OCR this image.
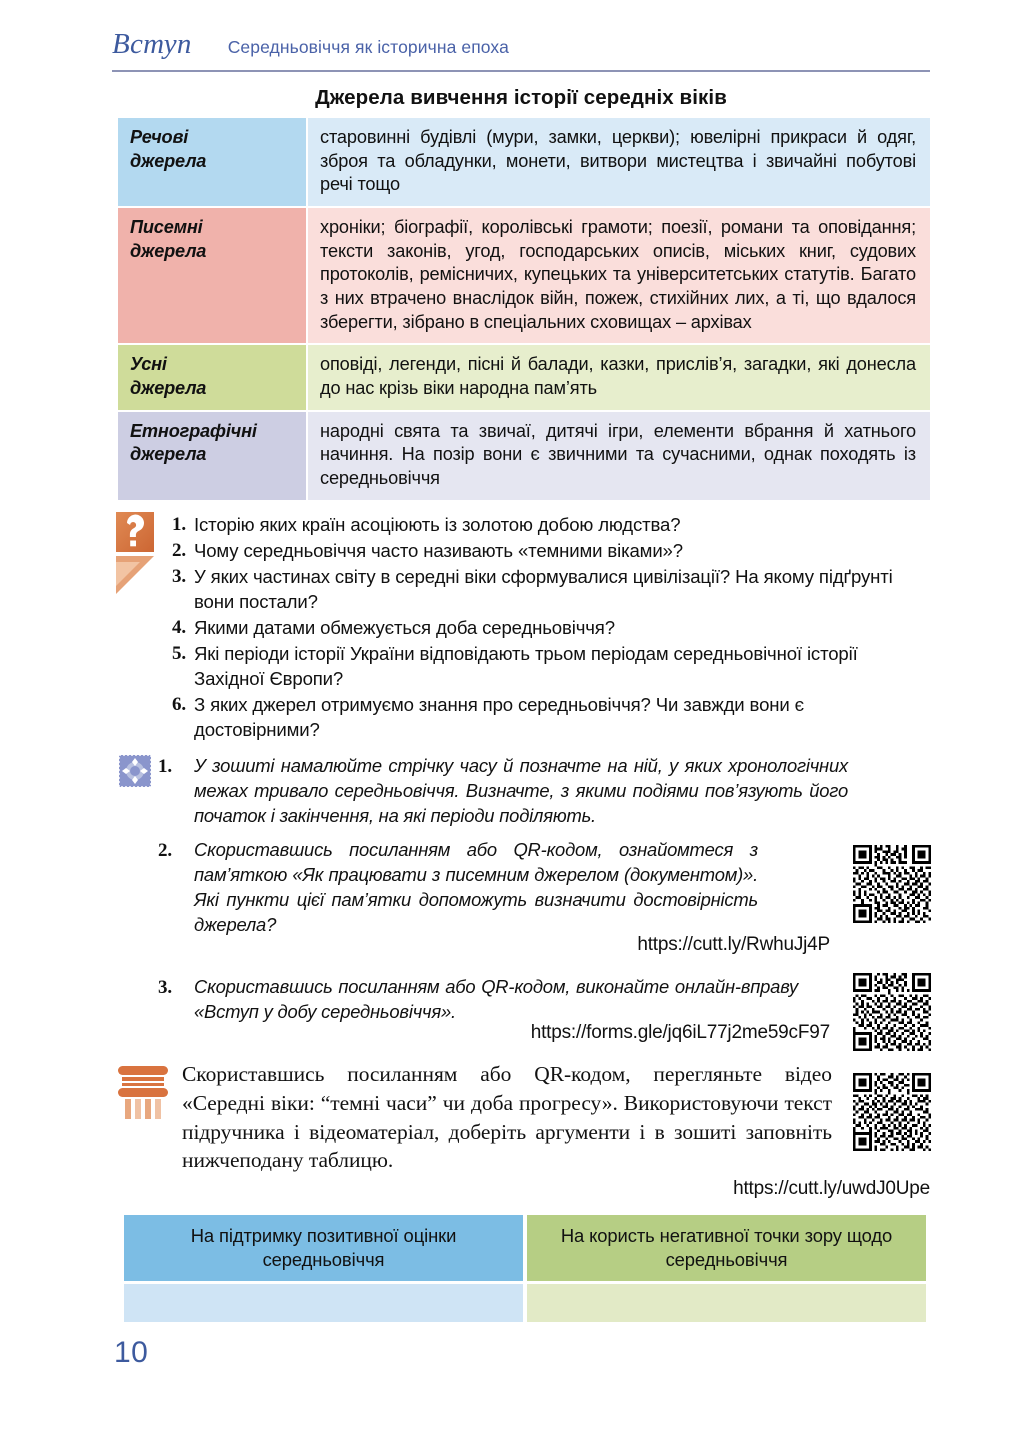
Вступ Середньовіччя як історична епоха
Джерела вивчення історії середніх віків
Речові
джерела	старовинні будівлі (мури, замки, церкви); ювелірні прикраси й одяг, зброя та обладунки, монети, витвори мистецтва і звичайні побутові речі тощо
Писемні
джерела	хроніки; біографії, королівські грамоти; поезії, романи та оповідання; тексти законів, угод, господарських описів, міських книг, судових протоколів, ремісничих, купецьких та університетських статутів. Багато з них втрачено внаслідок війн, пожеж, стихійних лих, а ті, що вдалося зберегти, зібрано в спеціальних сховищах – архівах
Усні
джерела	оповіді, легенди, пісні й балади, казки, прислів’я, загадки, які донесла до нас крізь віки народна пам’ять
Етнографічні
джерела	народні свята та звичаї, дитячі ігри, елементи вбрання й хатнього начиння. На позір вони є звичними та сучасними, однак походять із середньовіччя
Історію яких країн асоціюють із золотою добою людства?
Чому середньовіччя часто називають «темними віками»?
У яких частинах світу в середні віки сформувалися цивілізації? На якому підґрунті вони постали?
Якими датами обмежується доба середньовіччя?
Які періоди історії України відповідають трьом періодам середньовічної історії Західної Європи?
З яких джерел отримуємо знання про середньовіччя? Чи завжди вони є достовірними?
У зошиті намалюйте стрічку часу й позначте на ній, у яких хронологічних межах тривало середньовіччя. Визначте, з якими подіями пов’язують його початок і закінчення, на які періоди поділяють.
Скориставшись посиланням або QR-кодом, ознайомтеся з пам’яткою «Як працювати з писемним джерелом (документом)». Які пункти цієї пам’ятки допоможуть визначити достовірність джерела?
Скориставшись посиланням або QR-кодом, виконайте онлайн-вправу «Вступ у добу середньовіччя».
https://cutt.ly/RwhuJj4P
https://forms.gle/jq6iL77j2me59cF97
Скориставшись посиланням або QR-кодом, перегляньте відео «Середні віки: “темні часи” чи доба прогресу». Використовуючи текст підручника і відеоматеріал, доберіть аргументи і в зошиті заповніть нижчеподану таблицю.
https://cutt.ly/uwdJ0Upe
На підтримку позитивної оцінки середньовіччя	На користь негативної точки зору щодо середньовіччя

10
